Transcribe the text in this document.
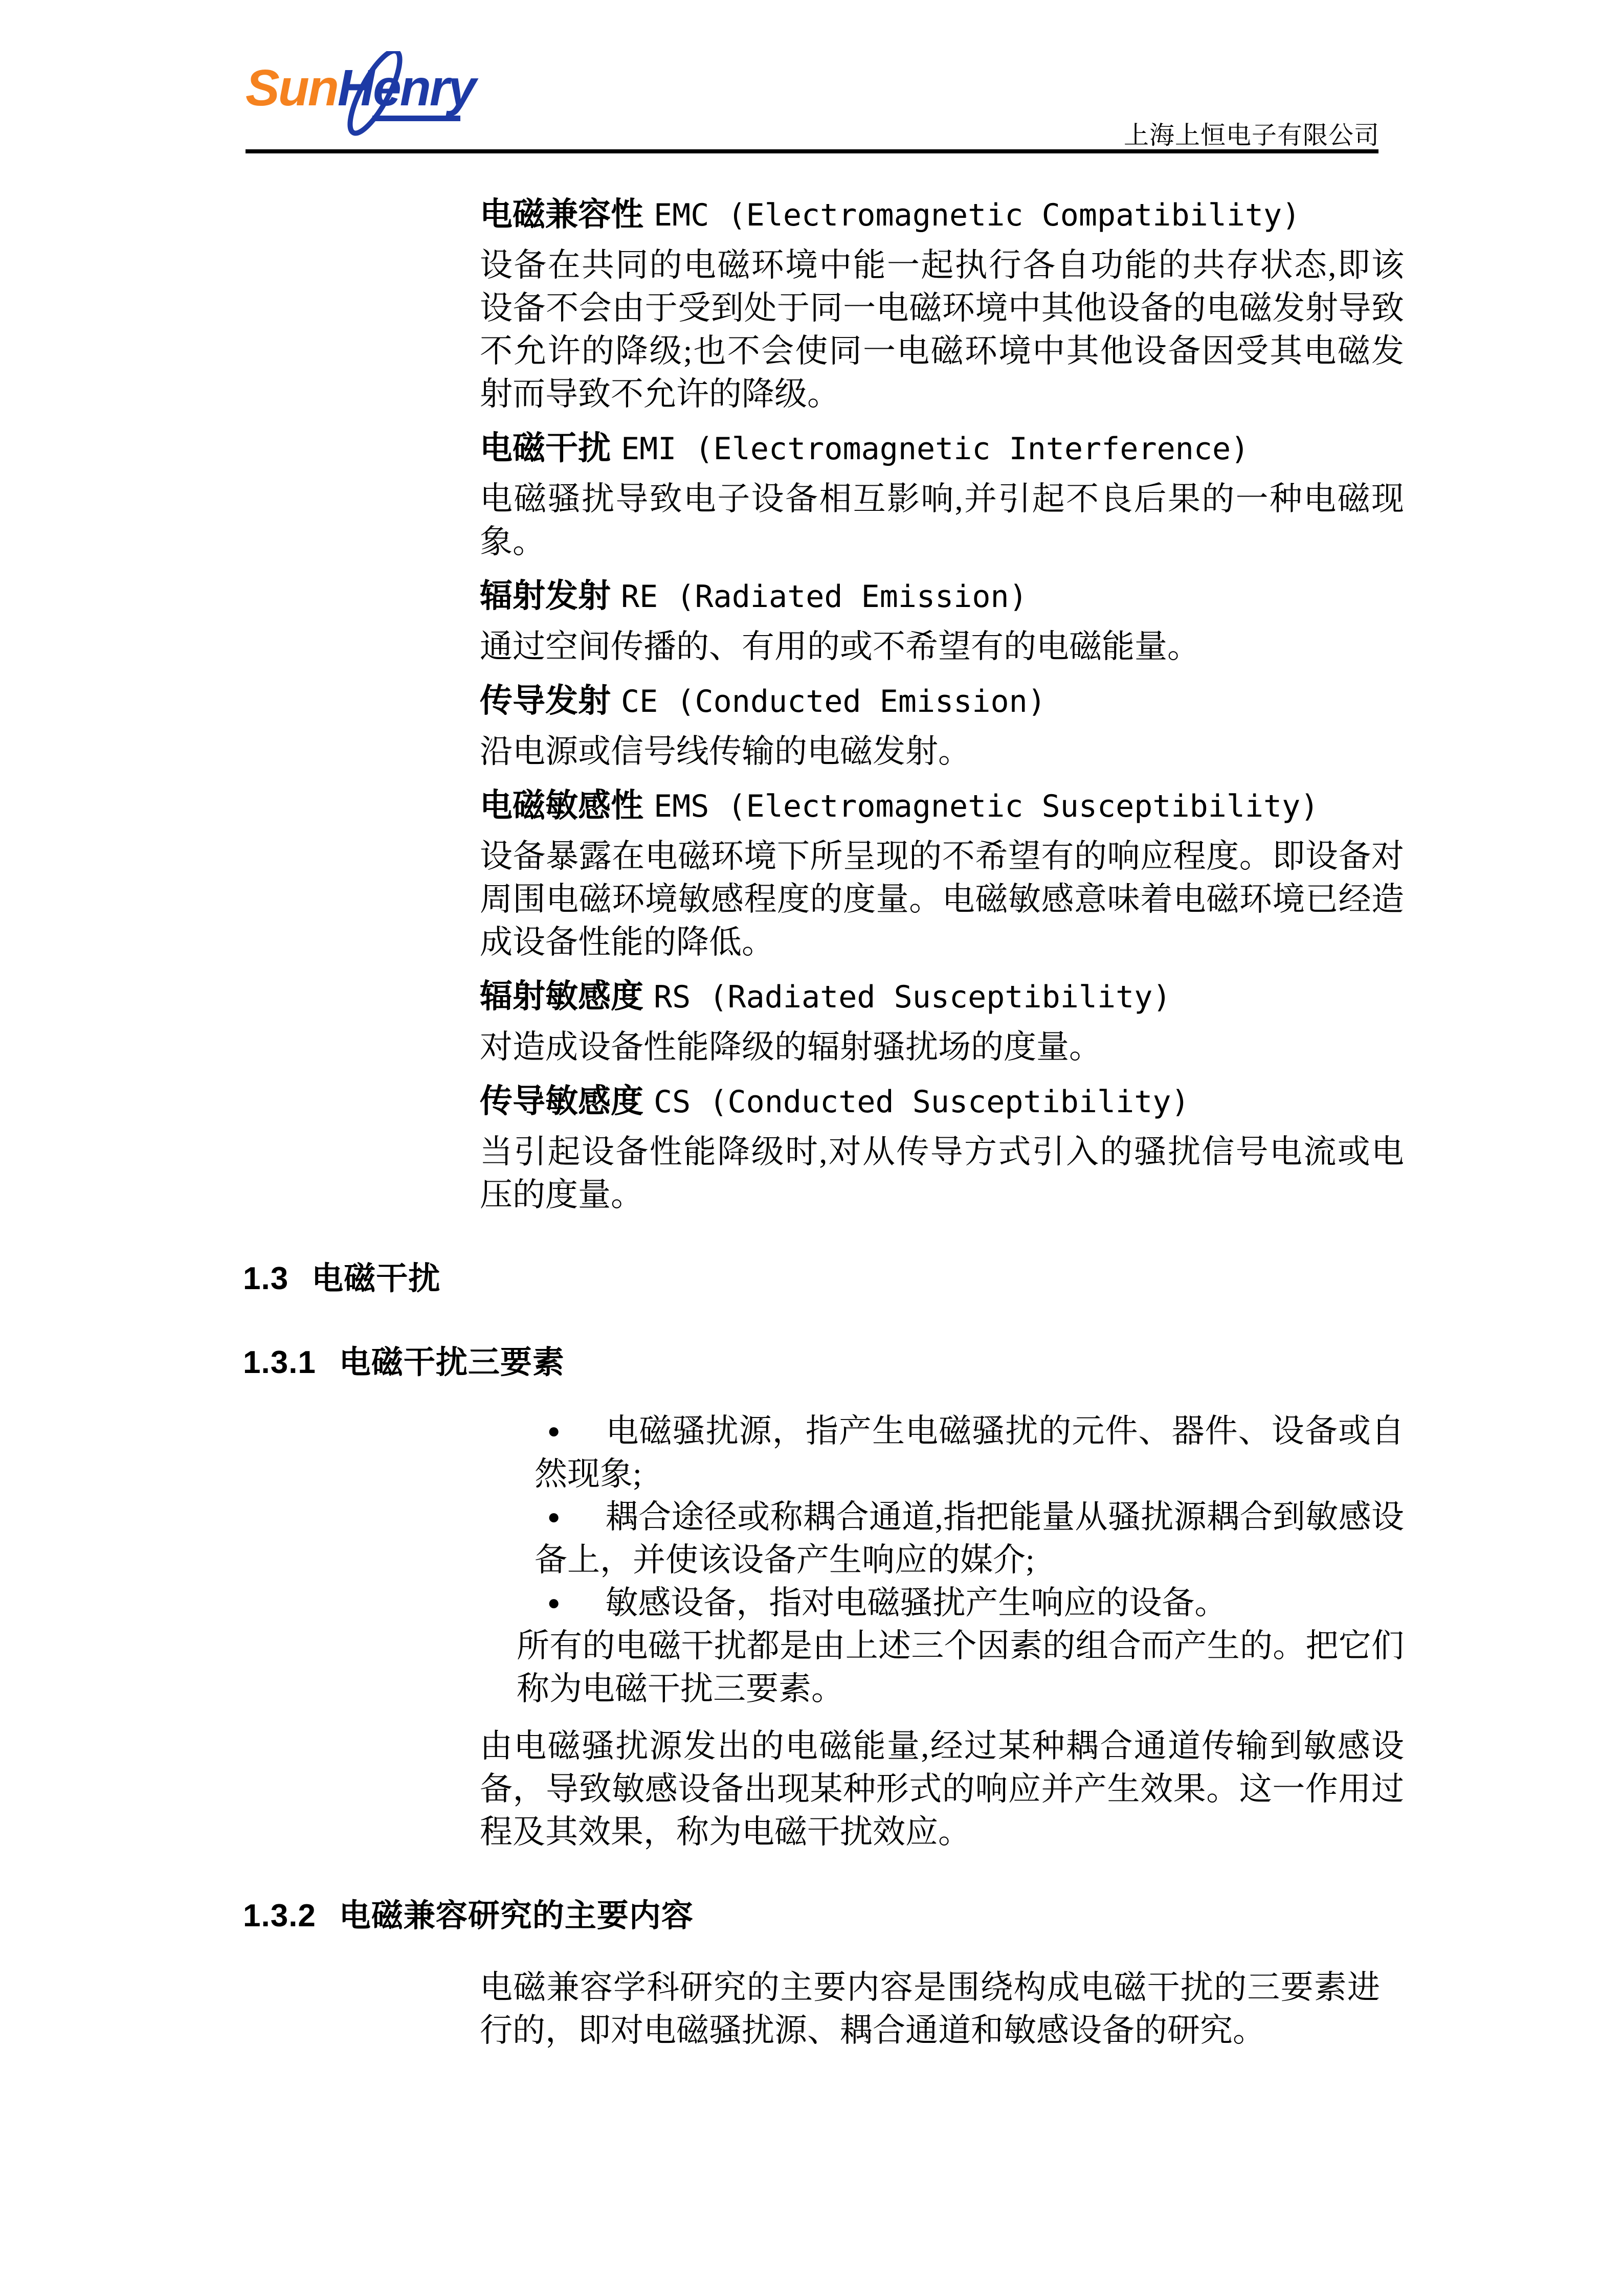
SunHenry
上海上恒电子有限公司
电磁兼容性 EMC (Electromagnetic Compatibility)

设备在共同的电磁环境中能一起执行各自功能的共存状态,即该设备不会由于受到处于同一电磁环境中其他设备的电磁发射导致不允许的降级;也不会使同一电磁环境中其他设备因受其电磁发射而导致不允许的降级。

电磁干扰 EMI (Electromagnetic Interference)

电磁骚扰导致电子设备相互影响,并引起不良后果的一种电磁现象。

辐射发射 RE (Radiated Emission)

通过空间传播的、有用的或不希望有的电磁能量。

传导发射 CE (Conducted Emission)

沿电源或信号线传输的电磁发射。

电磁敏感性 EMS (Electromagnetic Susceptibility)

设备暴露在电磁环境下所呈现的不希望有的响应程度。即设备对周围电磁环境敏感程度的度量。电磁敏感意味着电磁环境已经造成设备性能的降低。

辐射敏感度 RS (Radiated Susceptibility)

对造成设备性能降级的辐射骚扰场的度量。

传导敏感度 CS (Conducted Susceptibility)

当引起设备性能降级时,对从传导方式引入的骚扰信号电流或电压的度量。

1.3 电磁干扰
1.3.1 电磁干扰三要素
● 电磁骚扰源，指产生电磁骚扰的元件、器件、设备或自然现象;
● 耦合途径或称耦合通道,指把能量从骚扰源耦合到敏感设备上，并使该设备产生响应的媒介;
● 敏感设备，指对电磁骚扰产生响应的设备。

所有的电磁干扰都是由上述三个因素的组合而产生的。把它们称为电磁干扰三要素。

由电磁骚扰源发出的电磁能量,经过某种耦合通道传输到敏感设备，导致敏感设备出现某种形式的响应并产生效果。这一作用过程及其效果，称为电磁干扰效应。

1.3.2 电磁兼容研究的主要内容

电磁兼容学科研究的主要内容是围绕构成电磁干扰的三要素进行的，即对电磁骚扰源、耦合通道和敏感设备的研究。
